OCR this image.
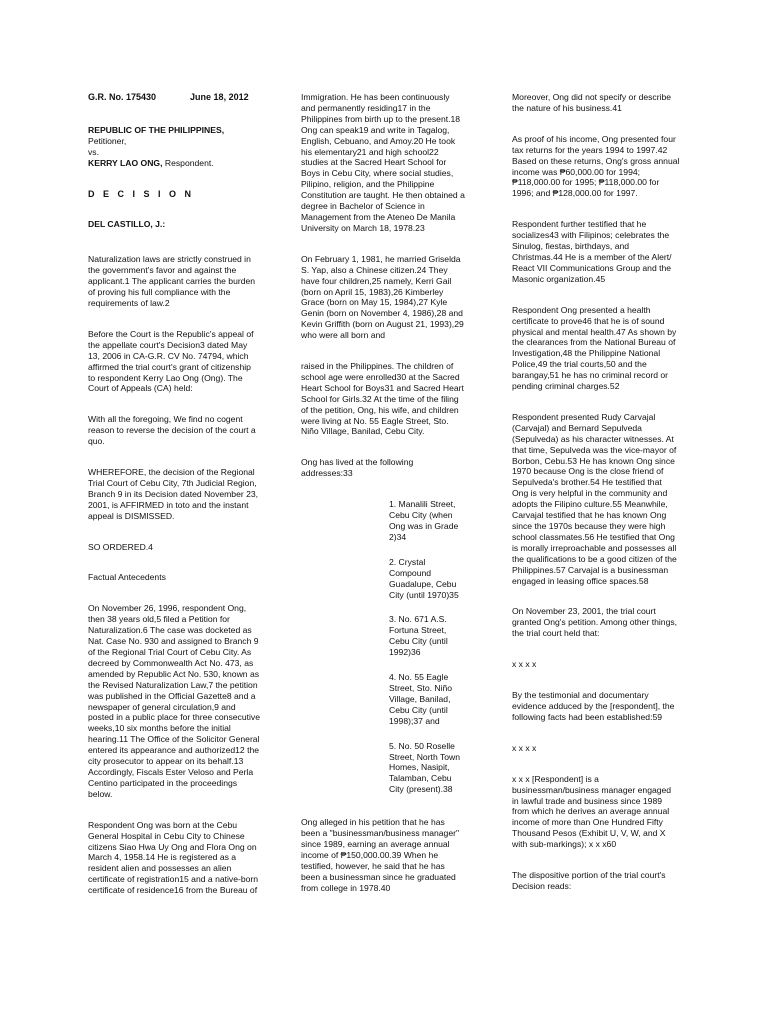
G.R. No. 175430	June 18, 2012
REPUBLIC OF THE PHILIPPINES,
Petitioner,
vs.
KERRY LAO ONG, Respondent.
D E C I S I O N

DEL CASTILLO, J.:

Naturalization laws are strictly construed in the government's favor and against the applicant.1 The applicant carries the burden of proving his full compliance with the requirements of law.2

Before the Court is the Republic's appeal of the appellate court's Decision3 dated May 13, 2006 in CA-G.R. CV No. 74794, which affirmed the trial court's grant of citizenship to respondent Kerry Lao Ong (Ong). The Court of Appeals (CA) held:

With all the foregoing, We find no cogent reason to reverse the decision of the court a quo.

WHEREFORE, the decision of the Regional Trial Court of Cebu City, 7th Judicial Region, Branch 9 in its Decision dated November 23, 2001, is AFFIRMED in toto and the instant appeal is DISMISSED.

SO ORDERED.4

Factual Antecedents

On November 26, 1996, respondent Ong, then 38 years old,5 filed a Petition for Naturalization.6 The case was docketed as Nat. Case No. 930 and assigned to Branch 9 of the Regional Trial Court of Cebu City. As decreed by Commonwealth Act No. 473, as amended by Republic Act No. 530, known as the Revised Naturalization Law,7 the petition was published in the Official Gazette8 and a newspaper of general circulation,9 and posted in a public place for three consecutive weeks,10 six months before the initial hearing.11 The Office of the Solicitor General entered its appearance and authorized12 the city prosecutor to appear on its behalf.13 Accordingly, Fiscals Ester Veloso and Perla Centino participated in the proceedings below.

Respondent Ong was born at the Cebu General Hospital in Cebu City to Chinese citizens Siao Hwa Uy Ong and Flora Ong on March 4, 1958.14 He is registered as a resident alien and possesses an alien certificate of registration15 and a native-born certificate of residence16 from the Bureau of

Immigration. He has been continuously and permanently residing17 in the Philippines from birth up to the present.18 Ong can speak19 and write in Tagalog, English, Cebuano, and Amoy.20 He took his elementary21 and high school22 studies at the Sacred Heart School for Boys in Cebu City, where social studies, Pilipino, religion, and the Philippine Constitution are taught. He then obtained a degree in Bachelor of Science in Management from the Ateneo De Manila University on March 18, 1978.23

On February 1, 1981, he married Griselda S. Yap, also a Chinese citizen.24 They have four children,25 namely, Kerri Gail (born on April 15, 1983),26 Kimberley Grace (born on May 15, 1984),27 Kyle Genin (born on November 4, 1986),28 and Kevin Griffith (born on August 21, 1993),29 who were all born and

raised in the Philippines. The children of school age were enrolled30 at the Sacred Heart School for Boys31 and Sacred Heart School for Girls.32 At the time of the filing of the petition, Ong, his wife, and children were living at No. 55 Eagle Street, Sto. Niño Village, Banilad, Cebu City.

Ong has lived at the following addresses:33

1. Manalili Street, Cebu City (when Ong was in Grade 2)34
2. Crystal Compound Guadalupe, Cebu City (until 1970)35
3. No. 671 A.S. Fortuna Street, Cebu City (until 1992)36
4. No. 55 Eagle Street, Sto. Niño Village, Banilad, Cebu City (until 1998);37 and
5. No. 50 Roselle Street, North Town Homes, Nasipit, Talamban, Cebu City (present).38

Ong alleged in his petition that he has been a "businessman/business manager" since 1989, earning an average annual income of ₱150,000.00.39 When he testified, however, he said that he has been a businessman since he graduated from college in 1978.40

Moreover, Ong did not specify or describe the nature of his business.41

As proof of his income, Ong presented four tax returns for the years 1994 to 1997.42 Based on these returns, Ong's gross annual income was ₱60,000.00 for 1994; ₱118,000.00 for 1995; ₱118,000.00 for 1996; and ₱128,000.00 for 1997.

Respondent further testified that he socializes43 with Filipinos; celebrates the Sinulog, fiestas, birthdays, and Christmas.44 He is a member of the Alert/ React VII Communications Group and the Masonic organization.45

Respondent Ong presented a health certificate to prove46 that he is of sound physical and mental health.47 As shown by the clearances from the National Bureau of Investigation,48 the Philippine National Police,49 the trial courts,50 and the barangay,51 he has no criminal record or pending criminal charges.52

Respondent presented Rudy Carvajal (Carvajal) and Bernard Sepulveda (Sepulveda) as his character witnesses. At that time, Sepulveda was the vice-mayor of Borbon, Cebu.53 He has known Ong since 1970 because Ong is the close friend of Sepulveda's brother.54 He testified that Ong is very helpful in the community and adopts the Filipino culture.55 Meanwhile, Carvajal testified that he has known Ong since the 1970s because they were high school classmates.56 He testified that Ong is morally irreproachable and possesses all the qualifications to be a good citizen of the Philippines.57 Carvajal is a businessman engaged in leasing office spaces.58

On November 23, 2001, the trial court granted Ong's petition. Among other things, the trial court held that:

x x x x

By the testimonial and documentary evidence adduced by the [respondent], the following facts had been established:59

x x x x

x x x [Respondent] is a businessman/business manager engaged in lawful trade and business since 1989 from which he derives an average annual income of more than One Hundred Fifty Thousand Pesos (Exhibit U, V, W, and X with sub-markings); x x x60

The dispositive portion of the trial court's Decision reads:
